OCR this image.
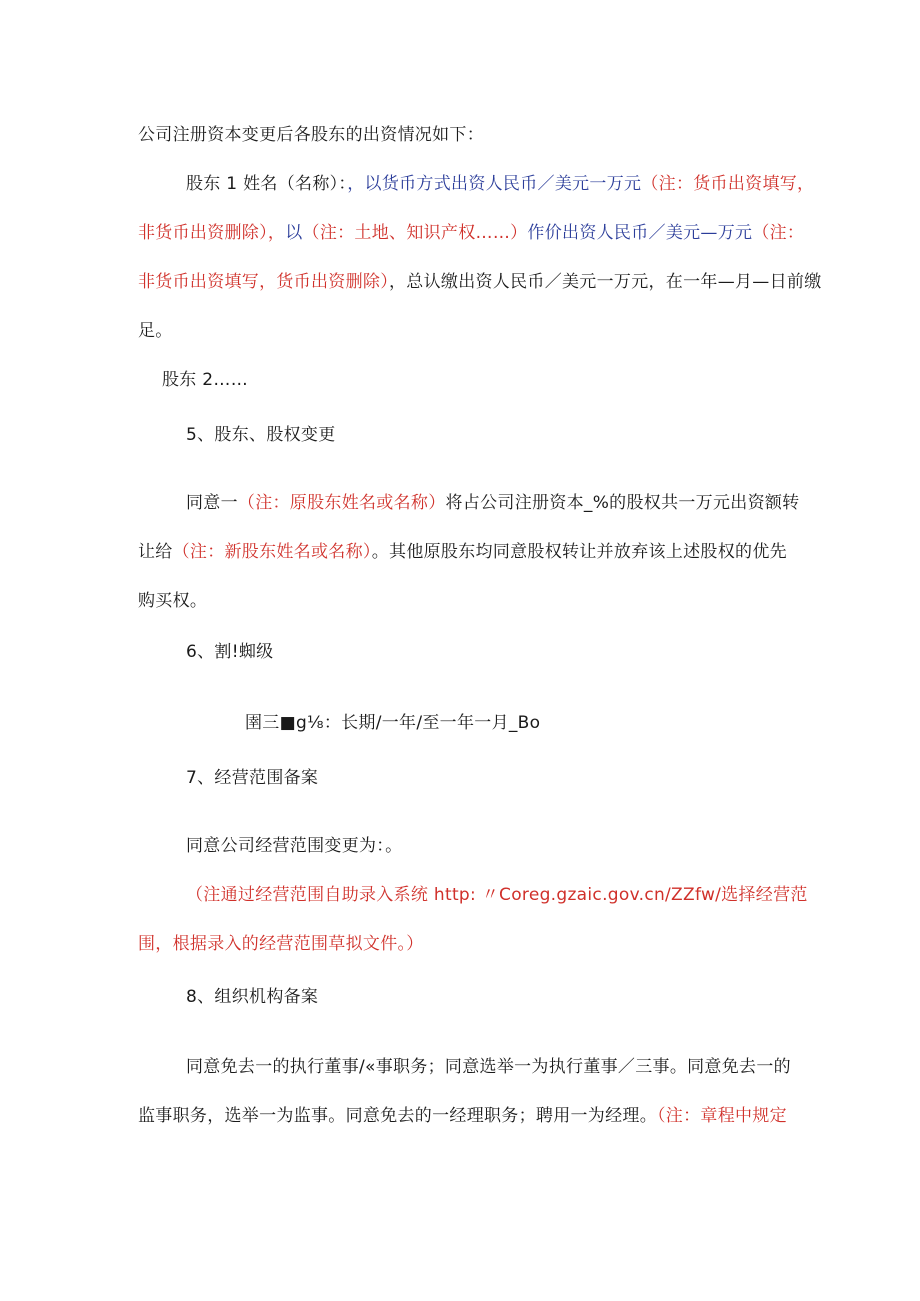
公司注册资本变更后各股东的出资情况如下：
股东 1 姓名（名称）：，以货币方式出资人民币／美元一万元（注：货币出资填写，
非货币出资删除），以（注：土地、知识产权……）作价出资人民币／美元—万元（注：
非货币出资填写，货币出资删除），总认缴出资人民币／美元一万元，在一年—月—日前缴
足。
股东 2……
5、股东、股权变更
同意一（注：原股东姓名或名称）将占公司注册资本_%的股权共一万元出资额转
让给（注：新股东姓名或名称）。其他原股东均同意股权转让并放弃该上述股权的优先
购买权。
6、割!蜘级
圉三■g⅛：长期/一年/至一年一月_Bo
7、经营范围备案
同意公司经营范围变更为：。
（注通过经营范围自助录入系统 http: 〃Coreg.gzaic.gov.cn/ZZfw/选择经营范
围，根据录入的经营范围草拟文件。）
8、组织机构备案
同意免去一的执行董事/«事职务；同意选举一为执行董事／三事。同意免去一的
监事职务，选举一为监事。同意免去的一经理职务；聘用一为经理。（注：章程中规定
